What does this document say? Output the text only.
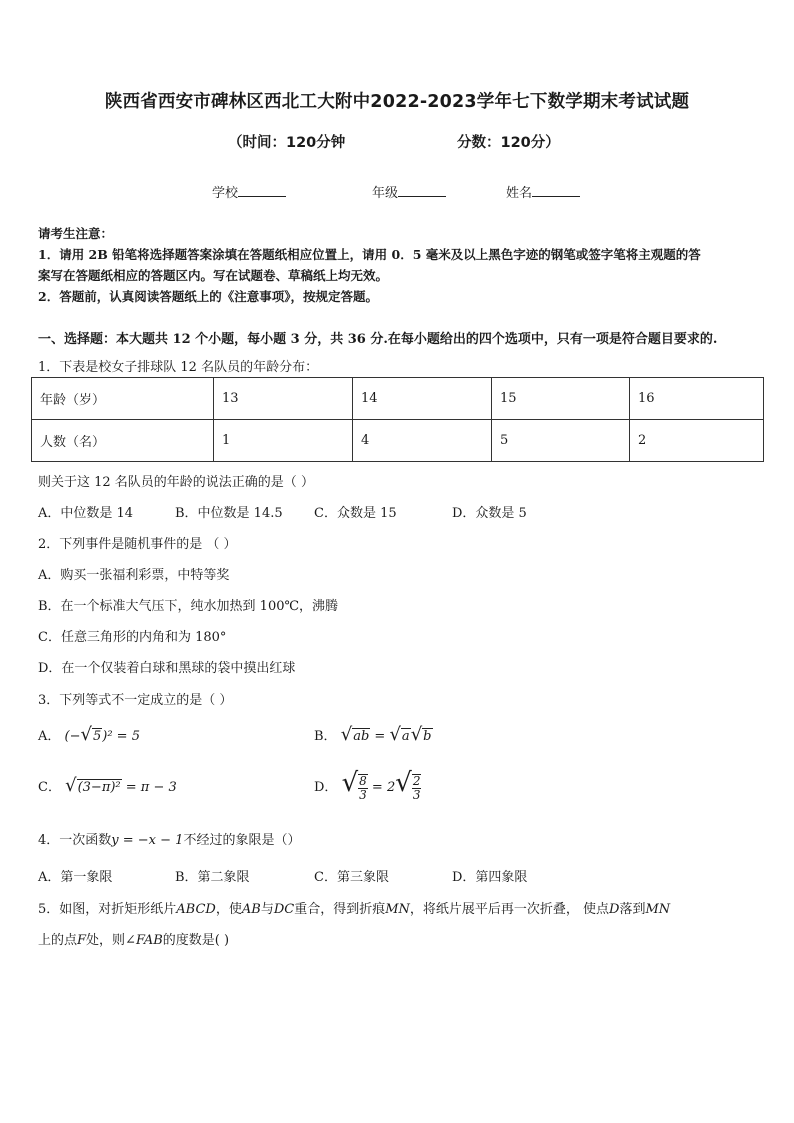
陕西省西安市碑林区西北工大附中2022-2023学年七下数学期末考试试题
（时间：120分钟	分数：120分）
学校	年级	姓名
请考生注意：
1．请用 2B 铅笔将选择题答案涂填在答题纸相应位置上，请用 0．5 毫米及以上黑色字迹的钢笔或签字笔将主观题的答
案写在答题纸相应的答题区内。写在试题卷、草稿纸上均无效。
2．答题前，认真阅读答题纸上的《注意事项》，按规定答题。
一、选择题：本大题共 12 个小题，每小题 3 分，共 36 分.在每小题给出的四个选项中，只有一项是符合题目要求的.
1．下表是校女子排球队 12 名队员的年龄分布：
年龄（岁）	13	14	15	16
人数（名）	1	4	5	2
则关于这 12 名队员的年龄的说法正确的是（ ）
A．中位数是 14	B．中位数是 14.5 C．众数是 15	D．众数是 5
2．下列事件是随机事件的是 （ ）
A．购买一张福利彩票，中特等奖
B．在一个标准大气压下，纯水加热到 100℃，沸腾
C．任意三角形的内角和为 180°
D．在一个仅装着白球和黑球的袋中摸出红球
3．下列等式不一定成立的是（ ）
A． (−√5)² = 5	B． √ab = √a√b
C． √(3−π)² = π − 3	D． √ $\frac{8}{3} = 2√ \frac{2}{3}$
4．一次函数y = −x − 1不经过的象限是（）
A．第一象限	B．第二象限	C．第三象限	D．第四象限
5．如图，对折矩形纸片ABCD，使AB与DC重合，得到折痕MN，将纸片展平后再一次折叠， 使点D落到MN
上的点F处，则∠FAB的度数是( )
